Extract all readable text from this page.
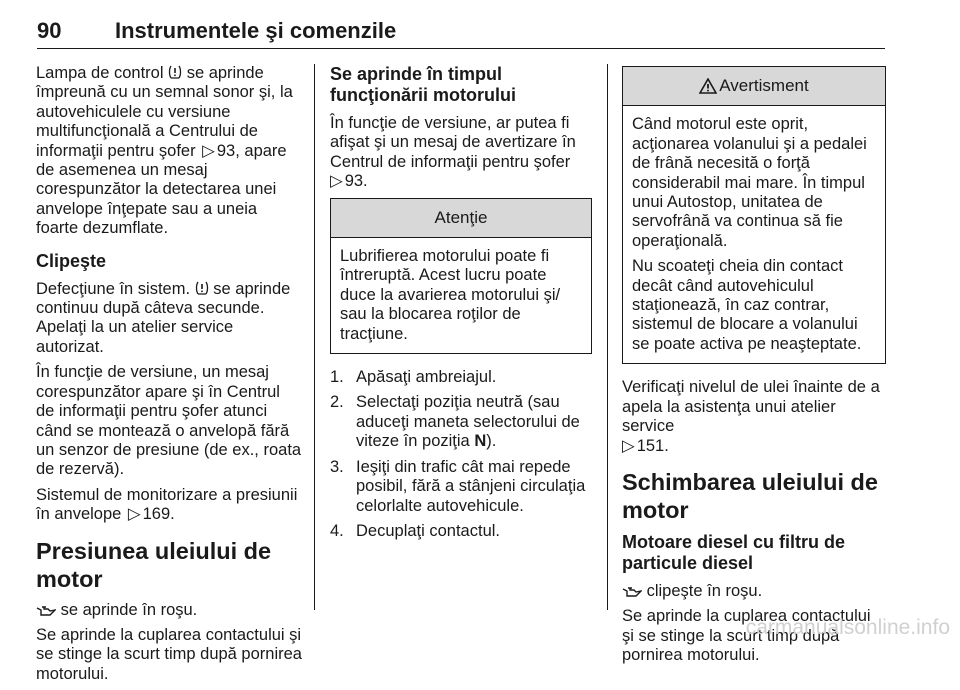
90 Instrumentele şi comenzile

Lampa de control se aprinde împreună cu un semnal sonor şi, la autovehiculele cu versiune multifuncţională a Centrului de informaţii pentru şofer ▷ 93, apare de asemenea un mesaj corespunzător la detectarea unei anvelope înţepate sau a uneia foarte dezumflate.

Clipeşte

Defecţiune în sistem. se aprinde continuu după câteva secunde. Apelaţi la un atelier service autorizat.

În funcţie de versiune, un mesaj corespunzător apare şi în Centrul de informaţii pentru şofer atunci când se montează o anvelopă fără un senzor de presiune (de ex., roata de rezervă).

Sistemul de monitorizare a presiunii în anvelope ▷ 169.

Presiunea uleiului de motor

se aprinde în roşu.

Se aprinde la cuplarea contactului şi se stinge la scurt timp după pornirea motorului.

Se aprinde în timpul funcţionării motorului

În funcţie de versiune, ar putea fi afişat şi un mesaj de avertizare în Centrul de informaţii pentru şofer
▷ 93.

Atenţie

Lubrifierea motorului poate fi întreruptă. Acest lucru poate duce la avarierea motorului şi/ sau la blocarea roţilor de tracţiune.

1. Apăsaţi ambreiajul.
2. Selectaţi poziţia neutră (sau aduceţi maneta selectorului de viteze în poziţia N).
3. Ieşiţi din trafic cât mai repede posibil, fără a stânjeni circulaţia celorlalte autovehicule.
4. Decuplaţi contactul.
Avertisment

Când motorul este oprit, acţionarea volanului şi a pedalei de frână necesită o forţă considerabil mai mare. În timpul unui Autostop, unitatea de servofrână va continua să fie operaţională.

Nu scoateţi cheia din contact decât când autovehiculul staţionează, în caz contrar, sistemul de blocare a volanului se poate activa pe neaşteptate.

Verificaţi nivelul de ulei înainte de a apela la asistenţa unui atelier service
▷ 151.

Schimbarea uleiului de motor
Motoare diesel cu filtru de particule diesel

clipeşte în roşu.

Se aprinde la cuplarea contactului şi se stinge la scurt timp după pornirea motorului.

carmanualsonline.info
